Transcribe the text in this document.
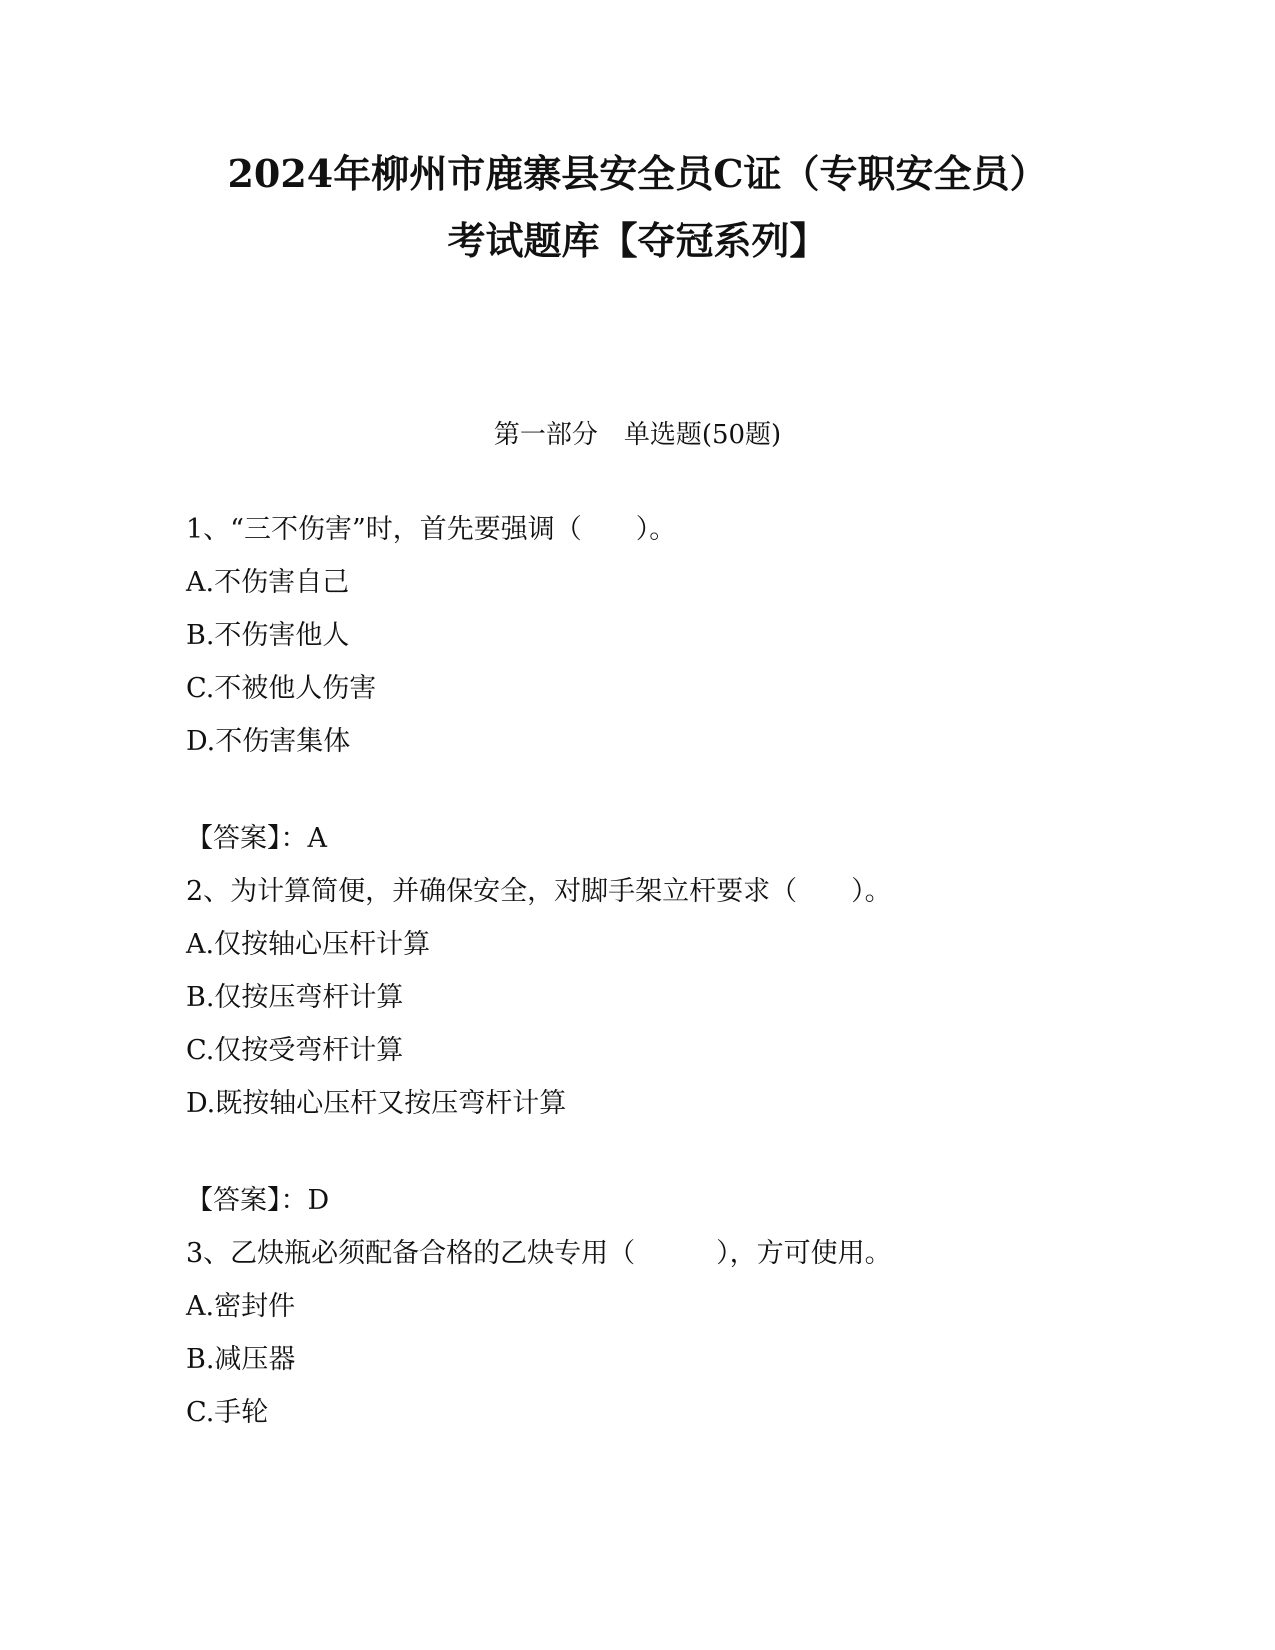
2024年柳州市鹿寨县安全员C证（专职安全员）
考试题库【夺冠系列】
第一部分　单选题(50题)
1、“三不伤害”时，首先要强调（　　）。
A.不伤害自己
B.不伤害他人
C.不被他人伤害
D.不伤害集体
【答案】：A
2、为计算简便，并确保安全，对脚手架立杆要求（　　）。
A.仅按轴心压杆计算
B.仅按压弯杆计算
C.仅按受弯杆计算
D.既按轴心压杆又按压弯杆计算
【答案】：D
3、乙炔瓶必须配备合格的乙炔专用（　　　），方可使用。
A.密封件
B.减压器
C.手轮
